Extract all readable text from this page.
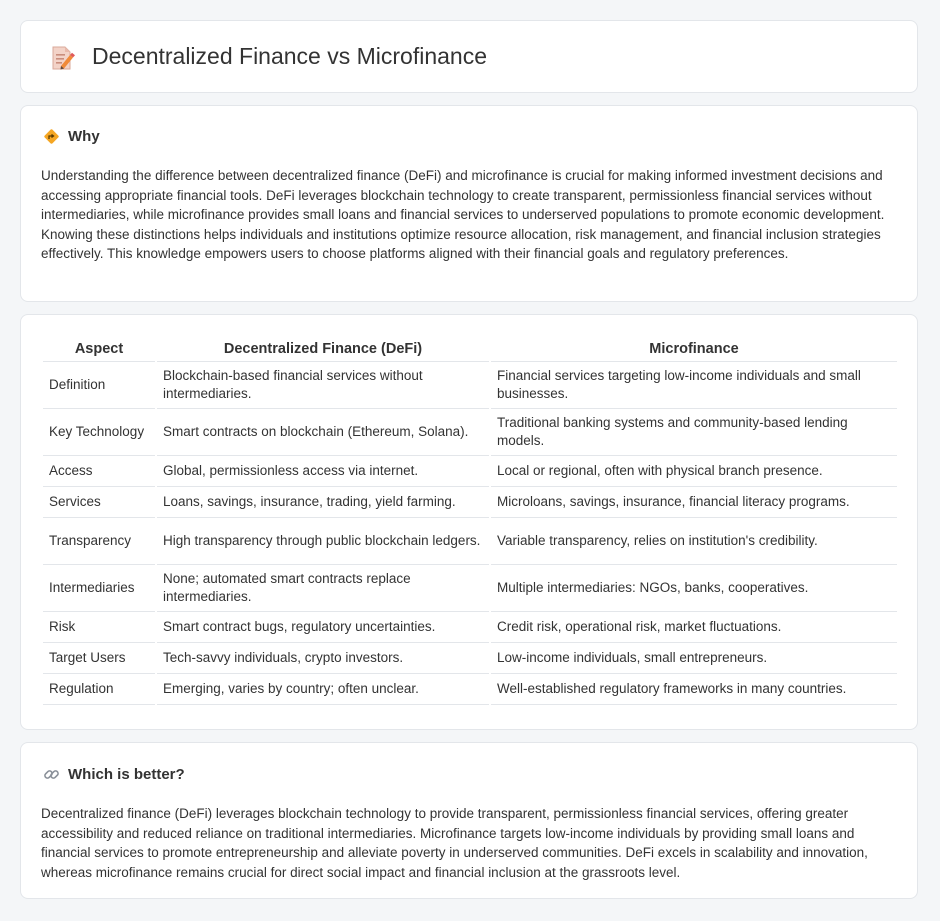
Decentralized Finance vs Microfinance
Why

Understanding the difference between decentralized finance (DeFi) and microfinance is crucial for making informed investment decisions and accessing appropriate financial tools. DeFi leverages blockchain technology to create transparent, permissionless financial services without intermediaries, while microfinance provides small loans and financial services to underserved populations to promote economic development. Knowing these distinctions helps individuals and institutions optimize resource allocation, risk management, and financial inclusion strategies effectively. This knowledge empowers users to choose platforms aligned with their financial goals and regulatory preferences.

Aspect	Decentralized Finance (DeFi)	Microfinance
Definition	Blockchain-based financial services without intermediaries.	Financial services targeting low-income individuals and small businesses.
Key Technology	Smart contracts on blockchain (Ethereum, Solana).	Traditional banking systems and community-based lending models.
Access	Global, permissionless access via internet.	Local or regional, often with physical branch presence.
Services	Loans, savings, insurance, trading, yield farming.	Microloans, savings, insurance, financial literacy programs.
Transparency	High transparency through public blockchain ledgers.	Variable transparency, relies on institution's credibility.
Intermediaries	None; automated smart contracts replace intermediaries.	Multiple intermediaries: NGOs, banks, cooperatives.
Risk	Smart contract bugs, regulatory uncertainties.	Credit risk, operational risk, market fluctuations.
Target Users	Tech-savvy individuals, crypto investors.	Low-income individuals, small entrepreneurs.
Regulation	Emerging, varies by country; often unclear.	Well-established regulatory frameworks in many countries.
Which is better?

Decentralized finance (DeFi) leverages blockchain technology to provide transparent, permissionless financial services, offering greater accessibility and reduced reliance on traditional intermediaries. Microfinance targets low-income individuals by providing small loans and financial services to promote entrepreneurship and alleviate poverty in underserved communities. DeFi excels in scalability and innovation, whereas microfinance remains crucial for direct social impact and financial inclusion at the grassroots level.
